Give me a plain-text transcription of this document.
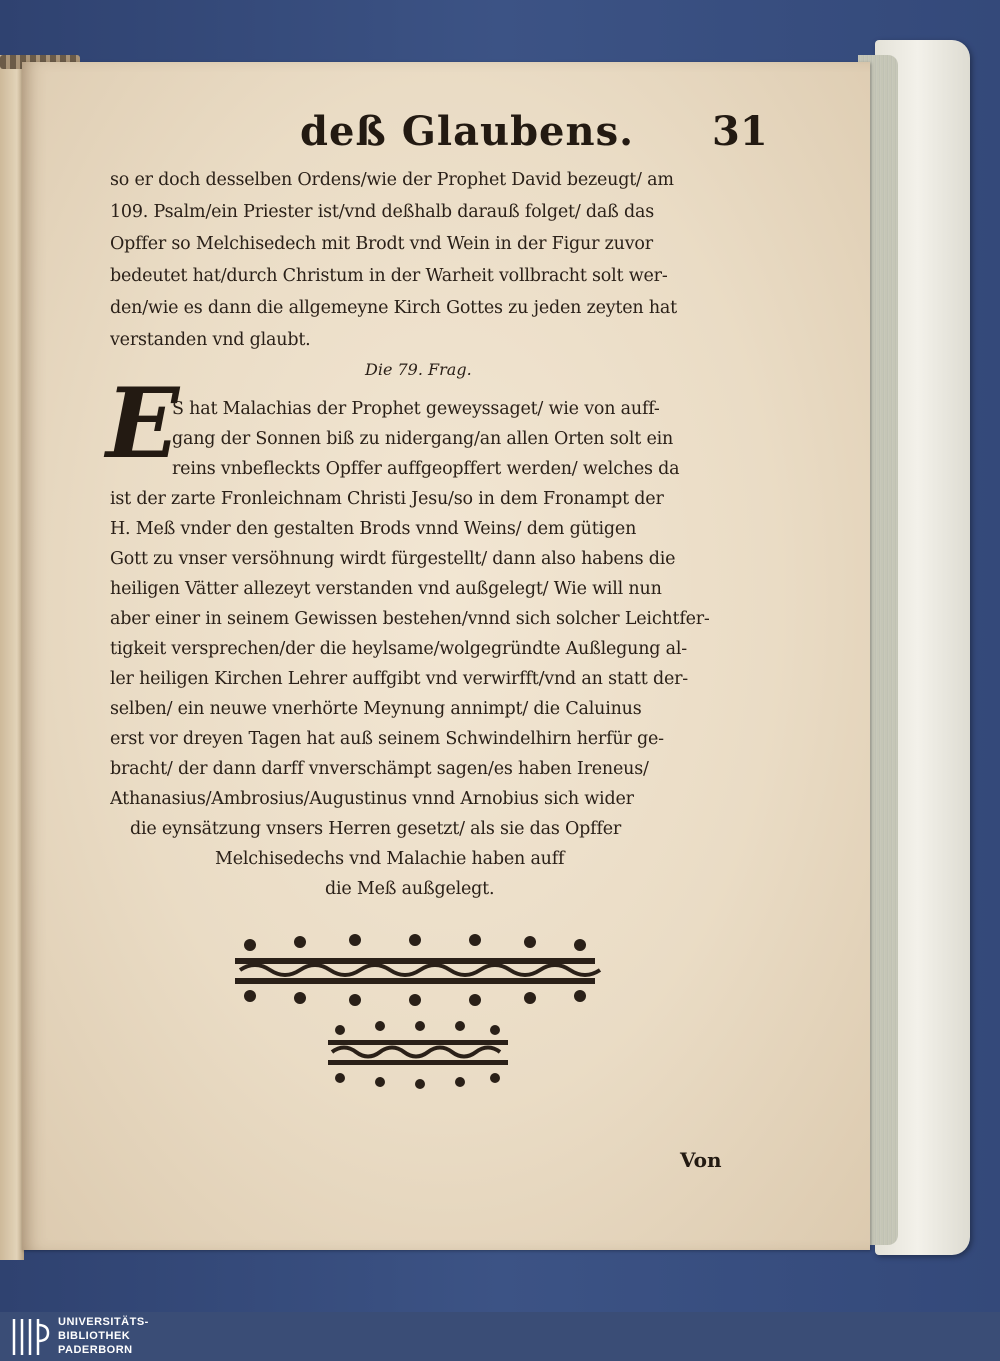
deß Glaubens. 31
so er doch desselben Ordens/wie der Prophet David bezeugt/ am
109. Psalm/ein Priester ist/vnd deßhalb darauß folget/ daß das
Opffer so Melchisedech mit Brodt vnd Wein in der Figur zuvor
bedeutet hat/durch Christum in der Warheit vollbracht solt wer-
den/wie es dann die allgemeyne Kirch Gottes zu jeden zeyten hat
verstanden vnd glaubt.
Die 79. Frag.
E
S hat Malachias der Prophet geweyssaget/ wie von auff-
gang der Sonnen biß zu nidergang/an allen Orten solt ein
reins vnbefleckts Opffer auffgeopffert werden/ welches da
ist der zarte Fronleichnam Christi Jesu/so in dem Fronampt der
H. Meß vnder den gestalten Brods vnnd Weins/ dem gütigen
Gott zu vnser versöhnung wirdt fürgestellt/ dann also habens die
heiligen Vätter allezeyt verstanden vnd außgelegt/ Wie will nun
aber einer in seinem Gewissen bestehen/vnnd sich solcher Leichtfer-
tigkeit versprechen/der die heylsame/wolgegründte Außlegung al-
ler heiligen Kirchen Lehrer auffgibt vnd verwirfft/vnd an statt der-
selben/ ein neuwe vnerhörte Meynung annimpt/ die Caluinus
erst vor dreyen Tagen hat auß seinem Schwindelhirn herfür ge-
bracht/ der dann darff vnverschämpt sagen/es haben Ireneus/
Athanasius/Ambrosius/Augustinus vnnd Arnobius sich wider
die eynsätzung vnsers Herren gesetzt/ als sie das Opffer
Melchisedechs vnd Malachie haben auff
die Meß außgelegt.
Von
UNIVERSITÄTS-
BIBLIOTHEK
PADERBORN
